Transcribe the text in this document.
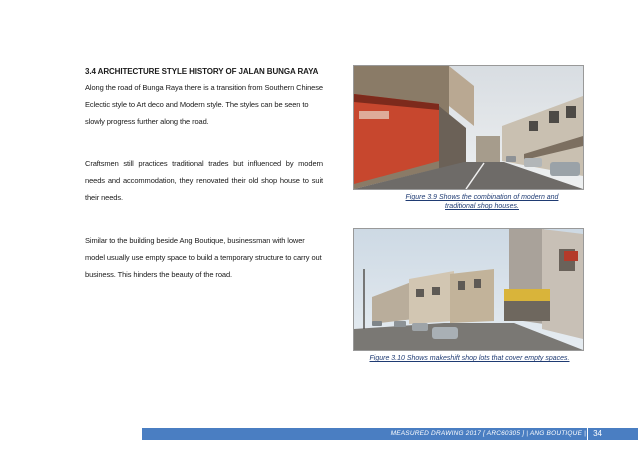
3.4 ARCHITECTURE STYLE HISTORY OF JALAN BUNGA RAYA
Along the road of Bunga Raya there is a transition from Southern Chinese Eclectic style to Art deco and Modern style. The styles can be seen to slowly progress further along the road.
Craftsmen still practices traditional trades but influenced by modern needs and accommodation, they renovated their old shop house to suit their needs.
Similar to the building beside Ang Boutique, businessman with lower model usually use empty space to build a temporary structure to carry out business. This hinders the beauty of the road.
Figure 3.9 Shows the combination of modern and traditional shop houses.
Figure 3.10 Shows makeshift shop lots that cover empty spaces.
MEASURED DRAWING 2017 [ ARC60305 ] | ANG BOUTIQUE | 34
